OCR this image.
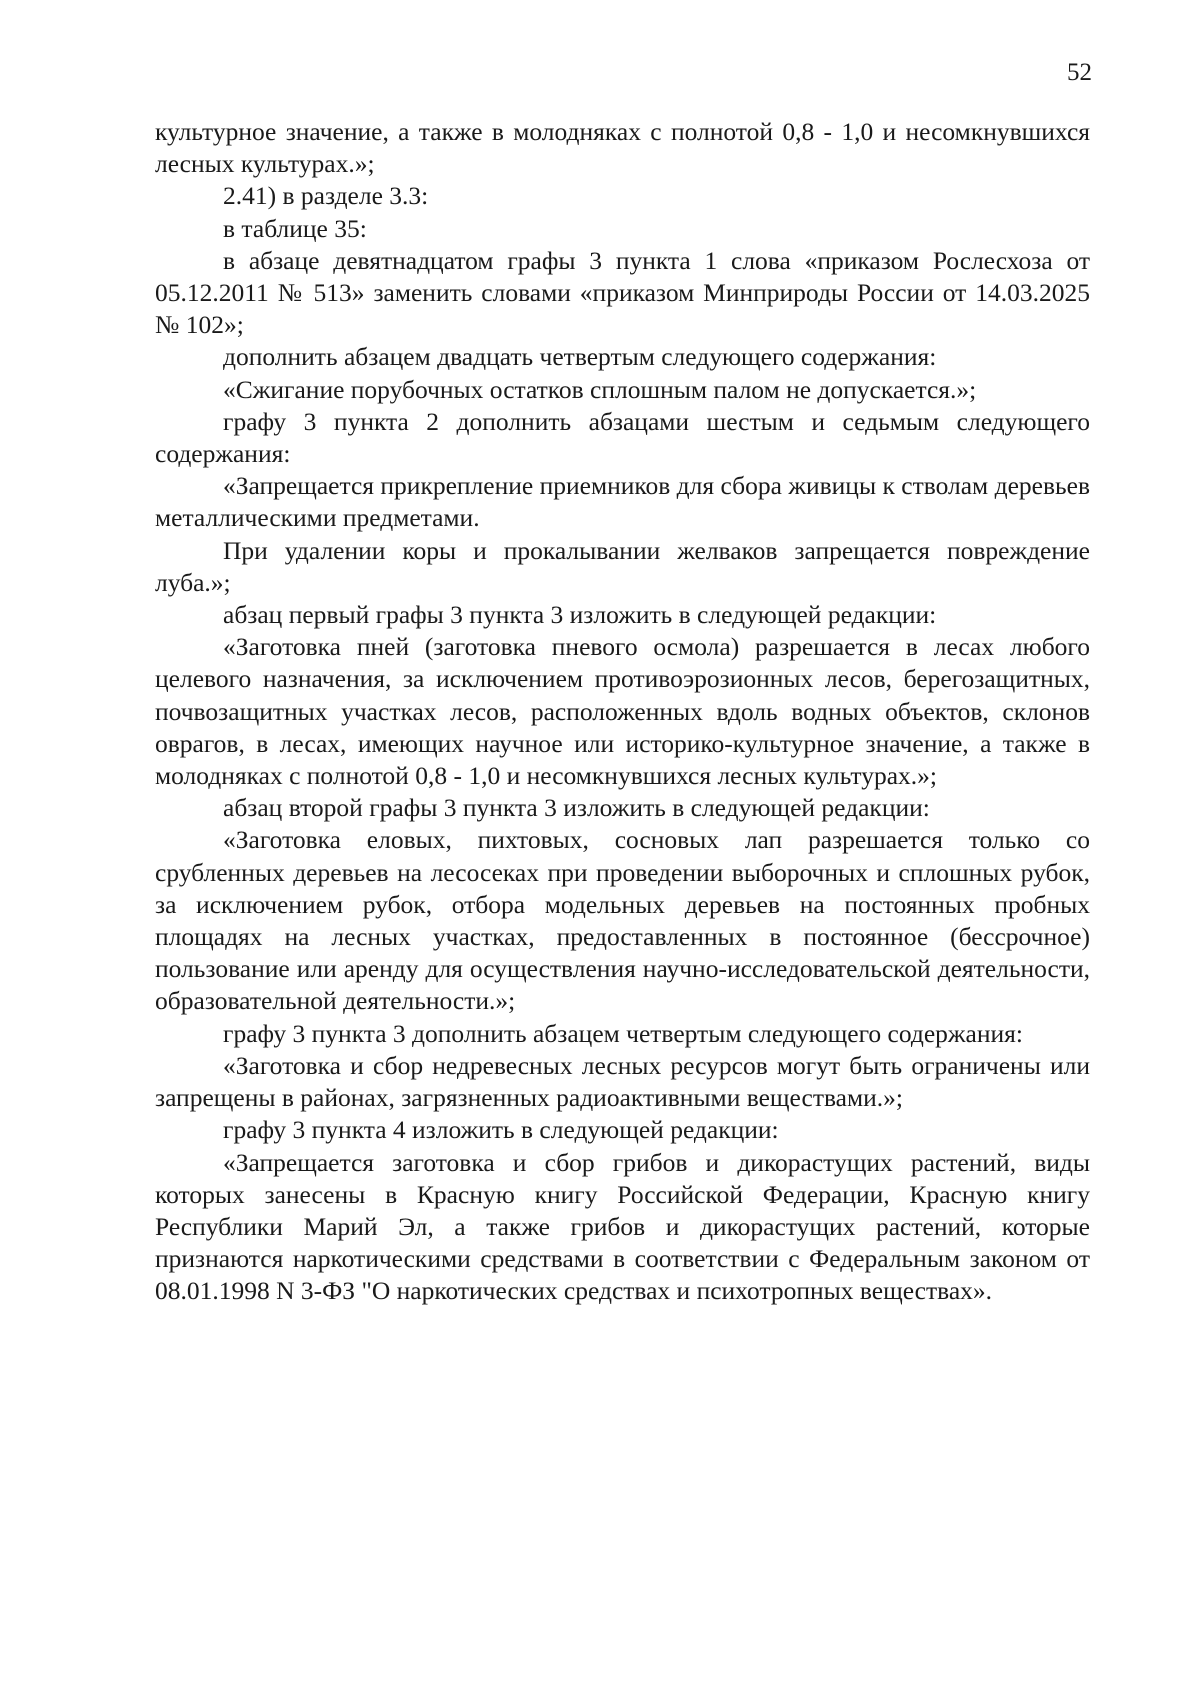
52

культурное значение, а также в молодняках с полнотой 0,8 - 1,0 и несомкнувшихся лесных культурах.»;

2.41) в разделе 3.3:

в таблице 35:

в абзаце девятнадцатом графы 3 пункта 1 слова «приказом Рослесхоза от 05.12.2011 № 513» заменить словами «приказом Минприроды России от 14.03.2025 № 102»;

дополнить абзацем двадцать четвертым следующего содержания:

«Сжигание порубочных остатков сплошным палом не допускается.»;

графу 3 пункта 2 дополнить абзацами шестым и седьмым следующего содержания:

«Запрещается прикрепление приемников для сбора живицы к стволам деревьев металлическими предметами.

При удалении коры и прокалывании желваков запрещается повреждение луба.»;

абзац первый графы 3 пункта 3 изложить в следующей редакции:

«Заготовка пней (заготовка пневого осмола) разрешается в лесах любого целевого назначения, за исключением противоэрозионных лесов, берегозащитных, почвозащитных участках лесов, расположенных вдоль водных объектов, склонов оврагов, в лесах, имеющих научное или историко-культурное значение, а также в молодняках с полнотой 0,8 - 1,0 и несомкнувшихся лесных культурах.»;

абзац второй графы 3 пункта 3 изложить в следующей редакции:

«Заготовка еловых, пихтовых, сосновых лап разрешается только со срубленных деревьев на лесосеках при проведении выборочных и сплошных рубок, за исключением рубок, отбора модельных деревьев на постоянных пробных площадях на лесных участках, предоставленных в постоянное (бессрочное) пользование или аренду для осуществления научно-исследовательской деятельности, образовательной деятельности.»;

графу 3 пункта 3 дополнить абзацем четвертым следующего содержания:

«Заготовка и сбор недревесных лесных ресурсов могут быть ограничены или запрещены в районах, загрязненных радиоактивными веществами.»;

графу 3 пункта 4 изложить в следующей редакции:

«Запрещается заготовка и сбор грибов и дикорастущих растений, виды которых занесены в Красную книгу Российской Федерации, Красную книгу Республики Марий Эл, а также грибов и дикорастущих растений, которые признаются наркотическими средствами в соответствии с Федеральным законом от 08.01.1998 N 3-ФЗ "О наркотических средствах и психотропных веществах».
